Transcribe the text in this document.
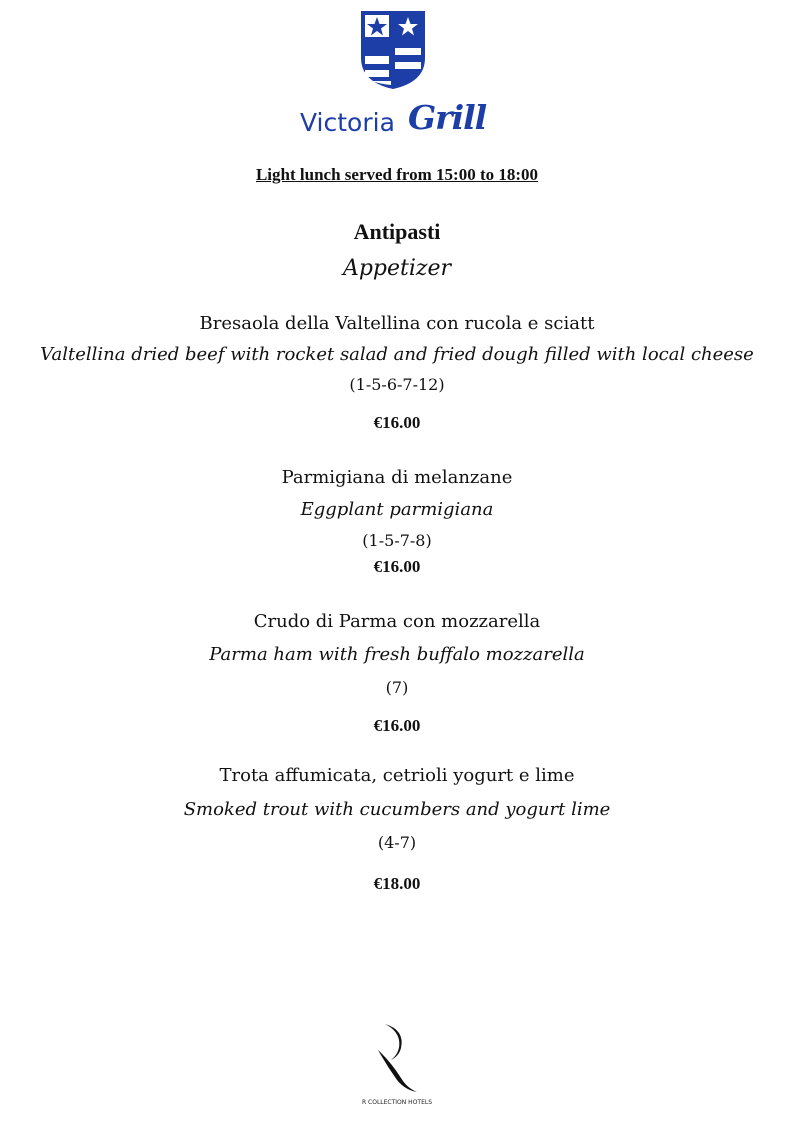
Victoria Grill
Light lunch served from 15:00 to 18:00
Antipasti
Appetizer
Bresaola della Valtellina con rucola e sciatt
Valtellina dried beef with rocket salad and fried dough filled with local cheese
(1-5-6-7-12)
€16.00
Parmigiana di melanzane
Eggplant parmigiana
(1-5-7-8)
€16.00
Crudo di Parma con mozzarella
Parma ham with fresh buffalo mozzarella
(7)
€16.00
Trota affumicata, cetrioli yogurt e lime
Smoked trout with cucumbers and yogurt lime
(4-7)
€18.00
R COLLECTION HOTELS
